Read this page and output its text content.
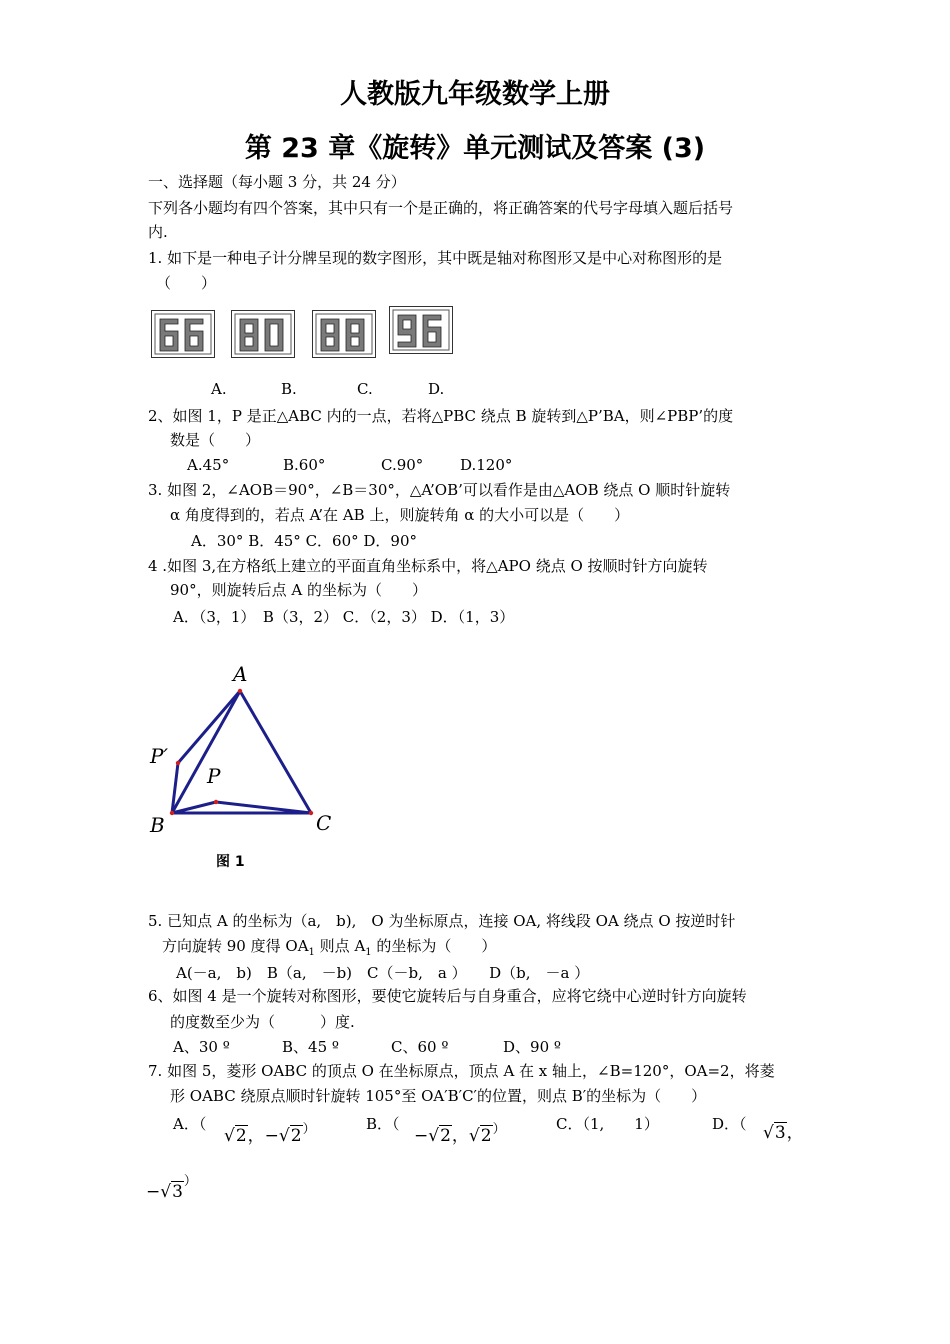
人教版九年级数学上册
第 23 章《旋转》单元测试及答案 (3)
一、选择题（每小题 3 分，共 24 分）
下列各小题均有四个答案，其中只有一个是正确的，将正确答案的代号字母填入题后括号
内.
1. 如下是一种电子计分牌呈现的数字图形，其中既是轴对称图形又是中心对称图形的是
（　　）
A.	B.	C.	D.
2、如图 1，P 是正△ABC 内的一点，若将△PBC 绕点 B 旋转到△P’BA，则∠PBP’的度
数是（　　）
A.45°	B.60°	C.90° D.120°
3. 如图 2，∠AOB＝90°，∠B＝30°，△A’OB’可以看作是由△AOB 绕点 O 顺时针旋转
α 角度得到的，若点 A’在 AB 上，则旋转角 α 的大小可以是（　　）
A．30° B．45° C．60° D．90°
4 .如图 3,在方格纸上建立的平面直角坐标系中，将△APO 绕点 O 按顺时针方向旋转
90°，则旋转后点 A 的坐标为（　　）
A．（3，1）　B（3，2） C．（2，3） D．（1，3）
A
P′
P
B	C
图 1
5. 已知点 A 的坐标为（a,　b),　O 为坐标原点，连接 OA, 将线段 OA 绕点 O 按逆时针
方向旋转 90 度得 $OA_1$ 则点 $A_1$ 的坐标为（　　）
A(－a,　b)　B（a,　－b)　C（－b,　a ）　　D（b,　－a ）
6、如图 4 是一个旋转对称图形，要使它旋转后与自身重合，应将它绕中心逆时针方向旋转
的度数至少为（　　　）度.
A、30 º	B、45 º	C、60 º	D、90 º
7. 如图 5，菱形 OABC 的顶点 O 在坐标原点，顶点 A 在 x 轴上，∠B=120°，OA=2，将菱
形 OABC 绕原点顺时针旋转 105°至 OA′B′C′的位置，则点 B′的坐标为（　　）
A．（
√2，−√2）	B．（
−√2，√2）	C．（1,　　1）	D．（ √3，
−√3）
